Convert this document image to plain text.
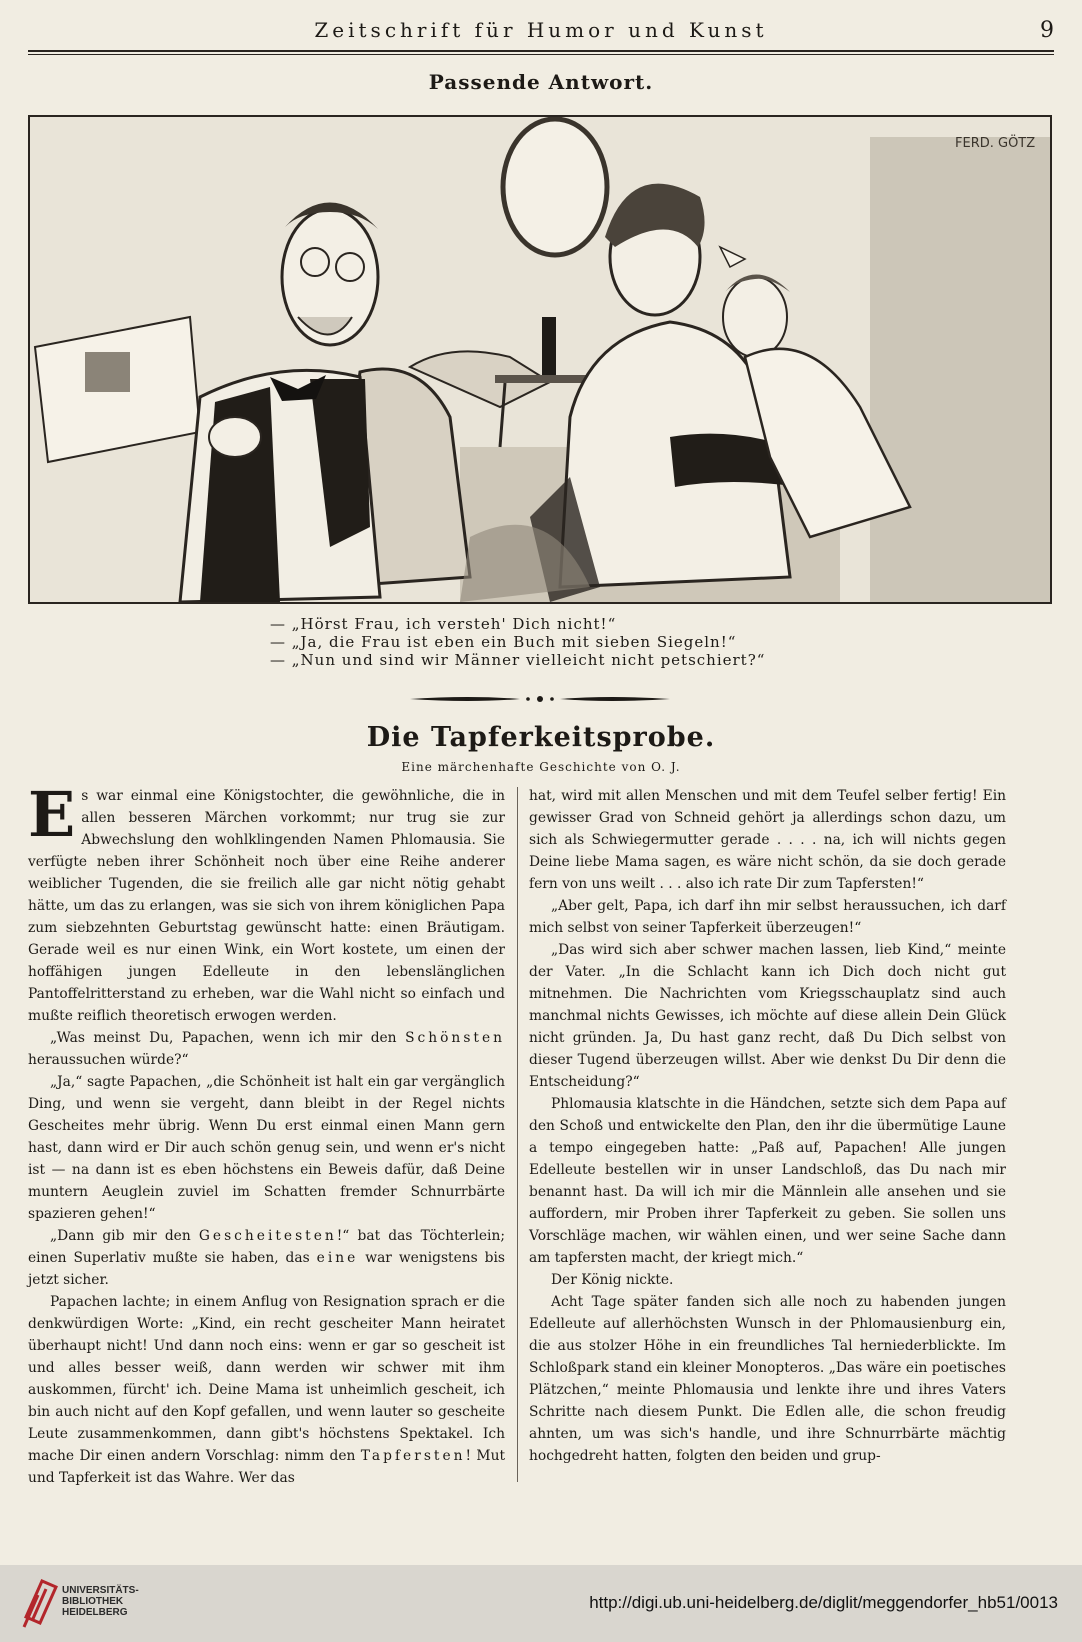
Zeitschrift für Humor und Kunst	9
Passende Antwort.
FERD. GÖTZ

— „Hörst Frau, ich versteh' Dich nicht!“

— „Ja, die Frau ist eben ein Buch mit sieben Siegeln!“

— „Nun und sind wir Männer vielleicht nicht petschiert?“

Die Tapferkeitsprobe.
Eine märchenhafte Geschichte von O. J.

Es war einmal eine Königstochter, die gewöhnliche, die in allen besseren Märchen vorkommt; nur trug sie zur Abwechslung den wohlklingenden Namen Phlomausia. Sie verfügte neben ihrer Schönheit noch über eine Reihe anderer weiblicher Tugenden, die sie freilich alle gar nicht nötig gehabt hätte, um das zu erlangen, was sie sich von ihrem königlichen Papa zum siebzehnten Geburtstag gewünscht hatte: einen Bräutigam. Gerade weil es nur einen Wink, ein Wort kostete, um einen der hoffähigen jungen Edelleute in den lebenslänglichen Pantoffelritterstand zu erheben, war die Wahl nicht so einfach und mußte reiflich theoretisch erwogen werden.

„Was meinst Du, Papachen, wenn ich mir den Schönsten heraussuchen würde?“

„Ja,“ sagte Papachen, „die Schönheit ist halt ein gar vergänglich Ding, und wenn sie vergeht, dann bleibt in der Regel nichts Gescheites mehr übrig. Wenn Du erst einmal einen Mann gern hast, dann wird er Dir auch schön genug sein, und wenn er's nicht ist — na dann ist es eben höchstens ein Beweis dafür, daß Deine muntern Aeuglein zuviel im Schatten fremder Schnurrbärte spazieren gehen!“

„Dann gib mir den Gescheitesten!“ bat das Töchterlein; einen Superlativ mußte sie haben, das eine war wenigstens bis jetzt sicher.

Papachen lachte; in einem Anflug von Resignation sprach er die denkwürdigen Worte: „Kind, ein recht gescheiter Mann heiratet überhaupt nicht! Und dann noch eins: wenn er gar so gescheit ist und alles besser weiß, dann werden wir schwer mit ihm auskommen, fürcht' ich. Deine Mama ist unheimlich gescheit, ich bin auch nicht auf den Kopf gefallen, und wenn lauter so gescheite Leute zusammenkommen, dann gibt's höchstens Spektakel. Ich mache Dir einen andern Vorschlag: nimm den Tapfersten! Mut und Tapferkeit ist das Wahre. Wer das

hat, wird mit allen Menschen und mit dem Teufel selber fertig! Ein gewisser Grad von Schneid gehört ja allerdings schon dazu, um sich als Schwiegermutter gerade . . . . na, ich will nichts gegen Deine liebe Mama sagen, es wäre nicht schön, da sie doch gerade fern von uns weilt . . . also ich rate Dir zum Tapfersten!“

„Aber gelt, Papa, ich darf ihn mir selbst heraussuchen, ich darf mich selbst von seiner Tapferkeit überzeugen!“

„Das wird sich aber schwer machen lassen, lieb Kind,“ meinte der Vater. „In die Schlacht kann ich Dich doch nicht gut mitnehmen. Die Nachrichten vom Kriegsschauplatz sind auch manchmal nichts Gewisses, ich möchte auf diese allein Dein Glück nicht gründen. Ja, Du hast ganz recht, daß Du Dich selbst von dieser Tugend überzeugen willst. Aber wie denkst Du Dir denn die Entscheidung?“

Phlomausia klatschte in die Händchen, setzte sich dem Papa auf den Schoß und entwickelte den Plan, den ihr die übermütige Laune a tempo eingegeben hatte: „Paß auf, Papachen! Alle jungen Edelleute bestellen wir in unser Landschloß, das Du nach mir benannt hast. Da will ich mir die Männlein alle ansehen und sie auffordern, mir Proben ihrer Tapferkeit zu geben. Sie sollen uns Vorschläge machen, wir wählen einen, und wer seine Sache dann am tapfersten macht, der kriegt mich.“

Der König nickte.

Acht Tage später fanden sich alle noch zu habenden jungen Edelleute auf allerhöchsten Wunsch in der Phlomausienburg ein, die aus stolzer Höhe in ein freundliches Tal herniederblickte. Im Schloßpark stand ein kleiner Monopteros. „Das wäre ein poetisches Plätzchen,“ meinte Phlomausia und lenkte ihre und ihres Vaters Schritte nach diesem Punkt. Die Edlen alle, die schon freudig ahnten, um was sich's handle, und ihre Schnurrbärte mächtig hochgedreht hatten, folgten den beiden und grup-

UNIVERSITÄTS-
BIBLIOTHEK
HEIDELBERG
http://digi.ub.uni-heidelberg.de/diglit/meggendorfer_hb51/0013
